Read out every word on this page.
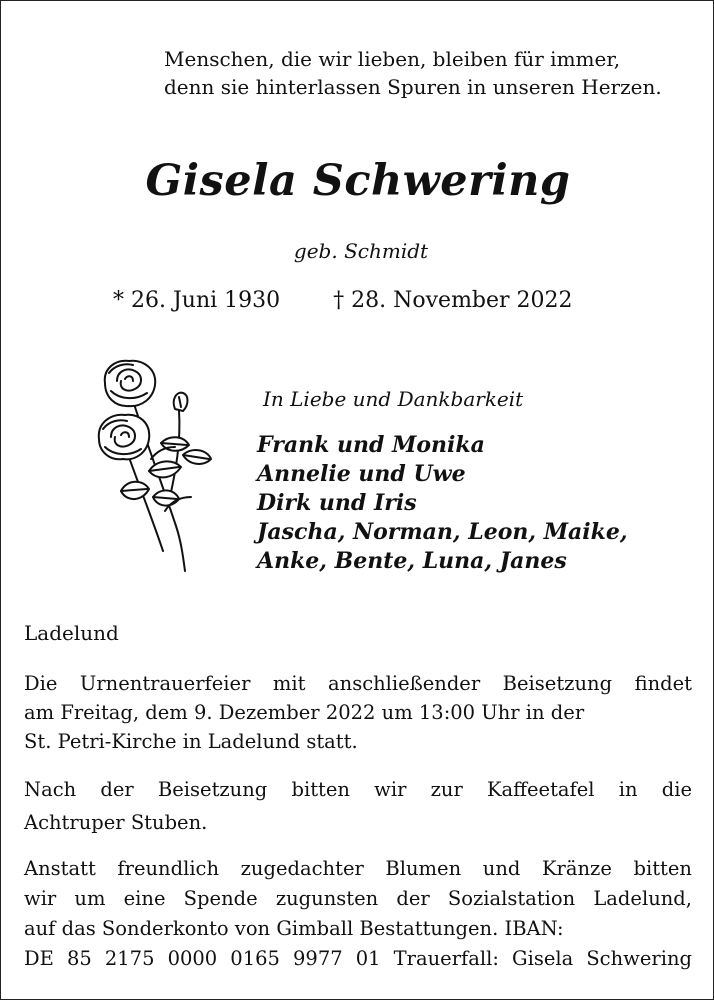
Menschen, die wir lieben, bleiben für immer,
denn sie hinterlassen Spuren in unseren Herzen.
Gisela Schwering
geb. Schmidt
* 26. Juni 1930 † 28. November 2022
In Liebe und Dankbarkeit
Frank und Monika
Annelie und Uwe
Dirk und Iris
Jascha, Norman, Leon, Maike,
Anke, Bente, Luna, Janes
Ladelund
Die Urnentrauerfeier mit anschließender Beisetzung findet
am Freitag, dem 9. Dezember 2022 um 13:00 Uhr in der
St. Petri-Kirche in Ladelund statt.
Nach der Beisetzung bitten wir zur Kaffeetafel in die
Achtruper Stuben.
Anstatt freundlich zugedachter Blumen und Kränze bitten
wir um eine Spende zugunsten der Sozialstation Ladelund,
auf das Sonderkonto von Gimball Bestattungen. IBAN:
DE 85 2175 0000 0165 9977 01 Trauerfall: Gisela Schwering
